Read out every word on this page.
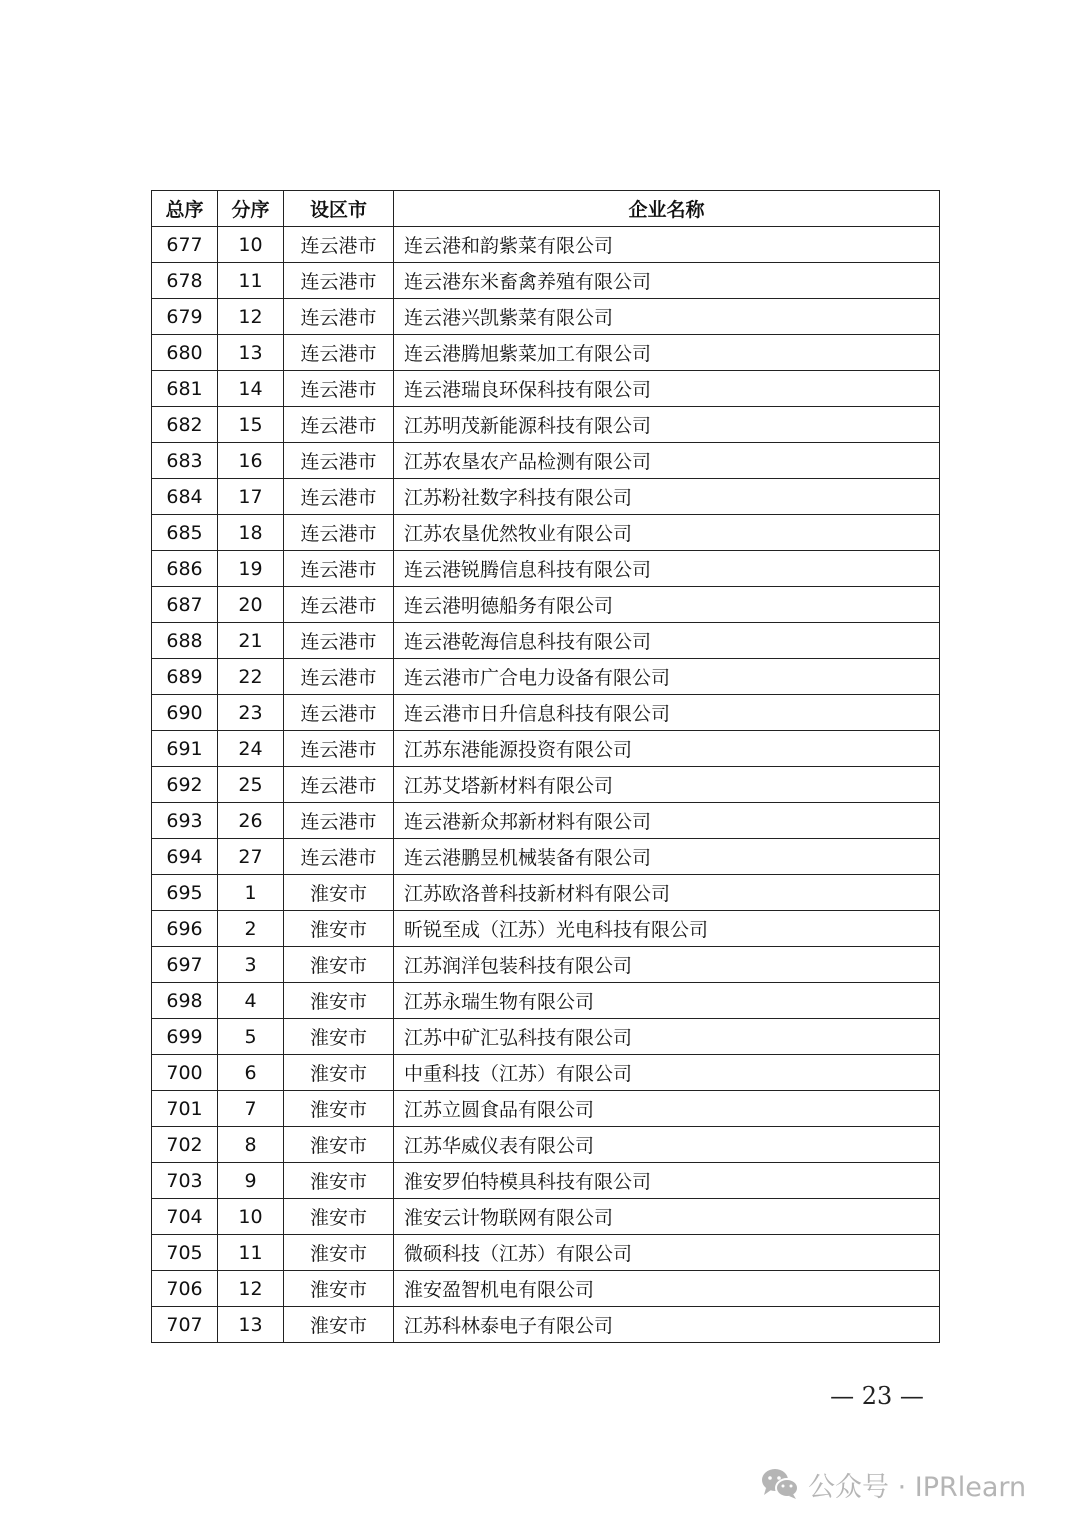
总序	分序	设区市	企业名称
677	10	连云港市	连云港和韵紫菜有限公司
678	11	连云港市	连云港东米畜禽养殖有限公司
679	12	连云港市	连云港兴凯紫菜有限公司
680	13	连云港市	连云港腾旭紫菜加工有限公司
681	14	连云港市	连云港瑞良环保科技有限公司
682	15	连云港市	江苏明茂新能源科技有限公司
683	16	连云港市	江苏农垦农产品检测有限公司
684	17	连云港市	江苏粉社数字科技有限公司
685	18	连云港市	江苏农垦优然牧业有限公司
686	19	连云港市	连云港锐腾信息科技有限公司
687	20	连云港市	连云港明德船务有限公司
688	21	连云港市	连云港乾海信息科技有限公司
689	22	连云港市	连云港市广合电力设备有限公司
690	23	连云港市	连云港市日升信息科技有限公司
691	24	连云港市	江苏东港能源投资有限公司
692	25	连云港市	江苏艾塔新材料有限公司
693	26	连云港市	连云港新众邦新材料有限公司
694	27	连云港市	连云港鹏昱机械装备有限公司
695	1	淮安市	江苏欧洛普科技新材料有限公司
696	2	淮安市	昕锐至成（江苏）光电科技有限公司
697	3	淮安市	江苏润洋包装科技有限公司
698	4	淮安市	江苏永瑞生物有限公司
699	5	淮安市	江苏中矿汇弘科技有限公司
700	6	淮安市	中重科技（江苏）有限公司
701	7	淮安市	江苏立圆食品有限公司
702	8	淮安市	江苏华威仪表有限公司
703	9	淮安市	淮安罗伯特模具科技有限公司
704	10	淮安市	淮安云计物联网有限公司
705	11	淮安市	微硕科技（江苏）有限公司
706	12	淮安市	淮安盈智机电有限公司
707	13	淮安市	江苏科林泰电子有限公司
— 23 —
公众号 · IPRlearn
